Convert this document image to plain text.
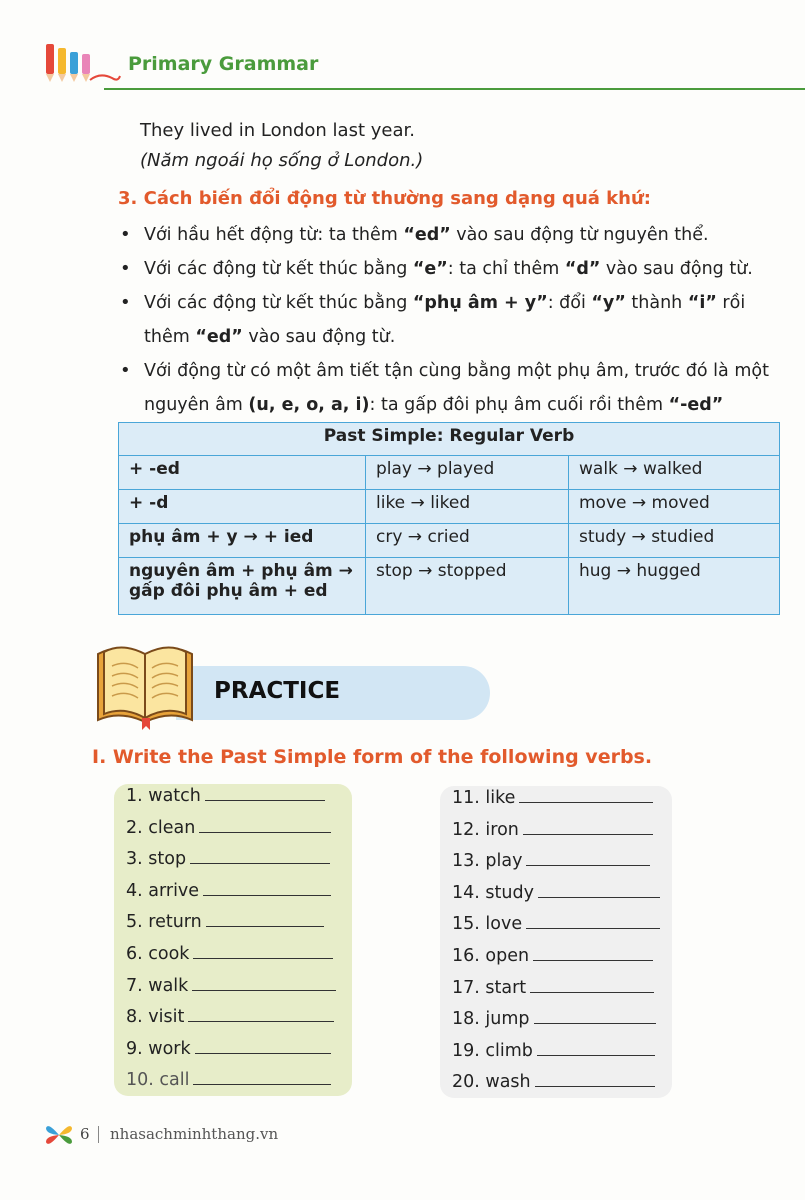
Primary Grammar
They lived in London last year.
(Năm ngoái họ sống ở London.)
3. Cách biến đổi động từ thường sang dạng quá khứ:
• Với hầu hết động từ: ta thêm “ed” vào sau động từ nguyên thể.
• Với các động từ kết thúc bằng “e”: ta chỉ thêm “d” vào sau động từ.
• Với các động từ kết thúc bằng “phụ âm + y”: đổi “y” thành “i” rồi thêm “ed” vào sau động từ.
• Với động từ có một âm tiết tận cùng bằng một phụ âm, trước đó là một nguyên âm (u, e, o, a, i): ta gấp đôi phụ âm cuối rồi thêm “-ed”
Past Simple: Regular Verb		
+ -ed	play → played	walk → walked
+ -d	like → liked	move → moved
phụ âm + y → + ied	cry → cried	study → studied
nguyên âm + phụ âm → gấp đôi phụ âm + ed	stop → stopped	hug → hugged
PRACTICE
I. Write the Past Simple form of the following verbs.
1. watch
2. clean
3. stop
4. arrive
5. return
6. cook
7. walk
8. visit
9. work
10. call
11. like
12. iron
13. play
14. study
15. love
16. open
17. start
18. jump
19. climb
20. wash
6 nhasachminhthang.vn
